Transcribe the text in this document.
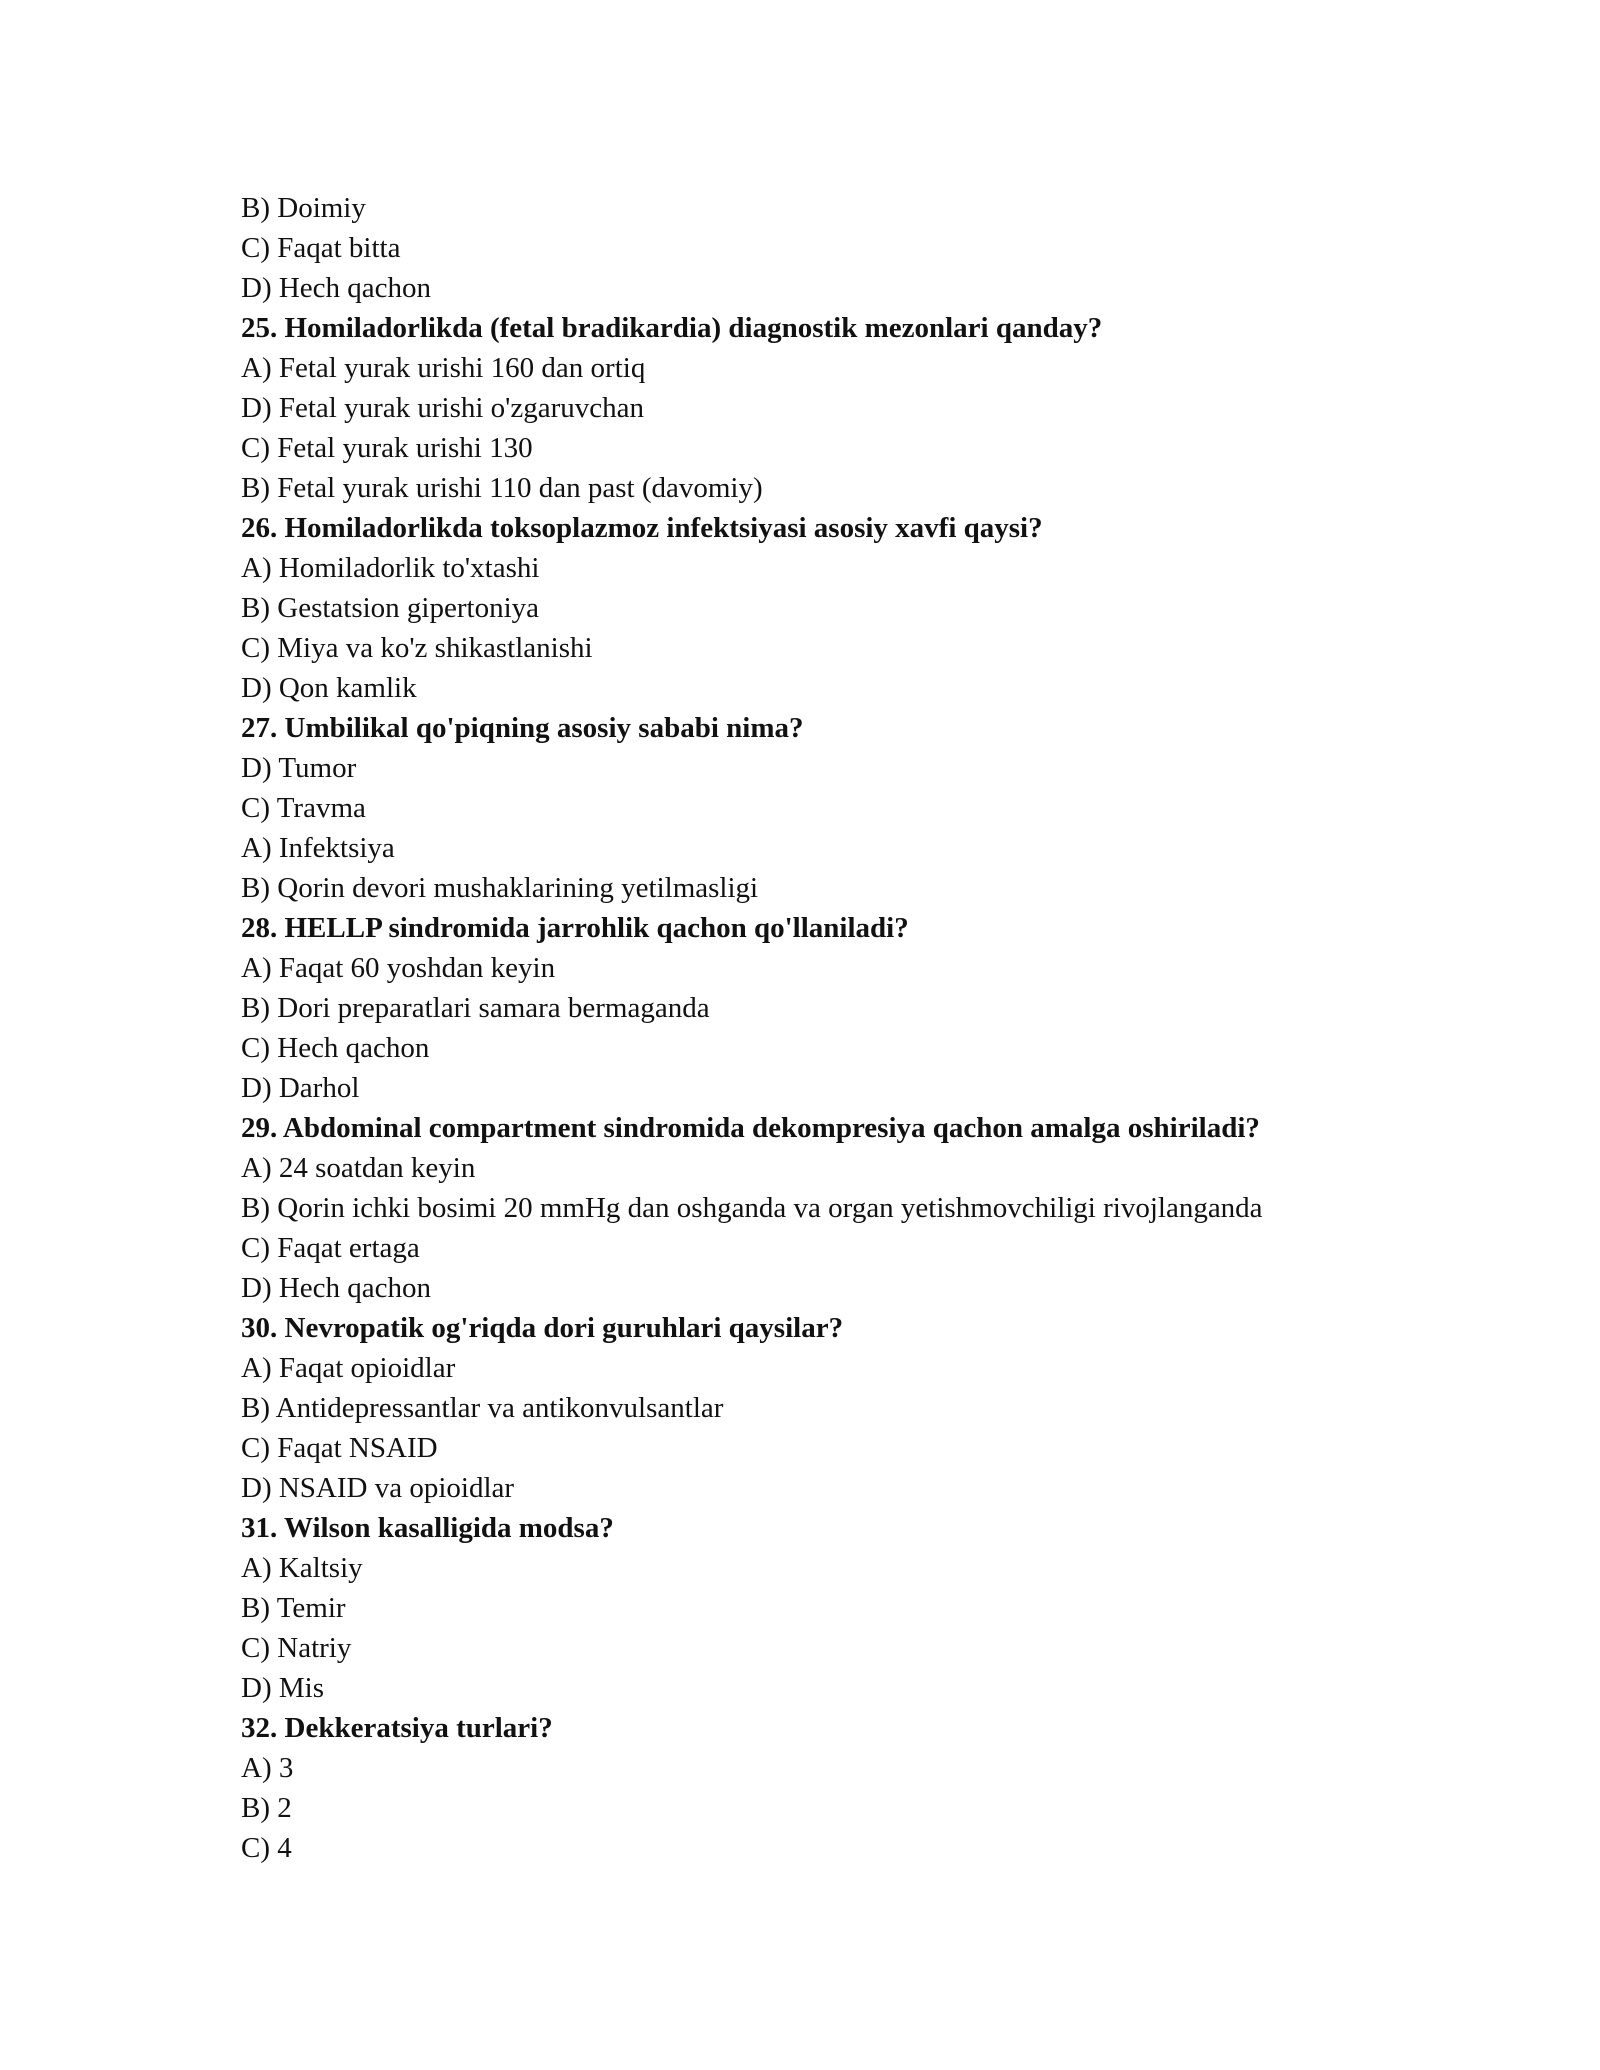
B) Doimiy
C) Faqat bitta
D) Hech qachon
25. Homiladorlikda (fetal bradikardia) diagnostik mezonlari qanday?
A) Fetal yurak urishi 160 dan ortiq
D) Fetal yurak urishi o'zgaruvchan
C) Fetal yurak urishi 130
B) Fetal yurak urishi 110 dan past (davomiy)
26. Homiladorlikda toksoplazmoz infektsiyasi asosiy xavfi qaysi?
A) Homiladorlik to'xtashi
B) Gestatsion gipertoniya
C) Miya va ko'z shikastlanishi
D) Qon kamlik
27. Umbilikal qo'piqning asosiy sababi nima?
D) Tumor
C) Travma
A) Infektsiya
B) Qorin devori mushaklarining yetilmasligi
28. HELLP sindromida jarrohlik qachon qo'llaniladi?
A) Faqat 60 yoshdan keyin
B) Dori preparatlari samara bermaganda
C) Hech qachon
D) Darhol
29. Abdominal compartment sindromida dekompresiya qachon amalga oshiriladi?
A) 24 soatdan keyin
B) Qorin ichki bosimi 20 mmHg dan oshganda va organ yetishmovchiligi rivojlanganda
C) Faqat ertaga
D) Hech qachon
30. Nevropatik og'riqda dori guruhlari qaysilar?
A) Faqat opioidlar
B) Antidepressantlar va antikonvulsantlar
C) Faqat NSAID
D) NSAID va opioidlar
31. Wilson kasalligida modsa?
A) Kaltsiy
B) Temir
C) Natriy
D) Mis
32. Dekkeratsiya turlari?
A) 3
B) 2
C) 4
